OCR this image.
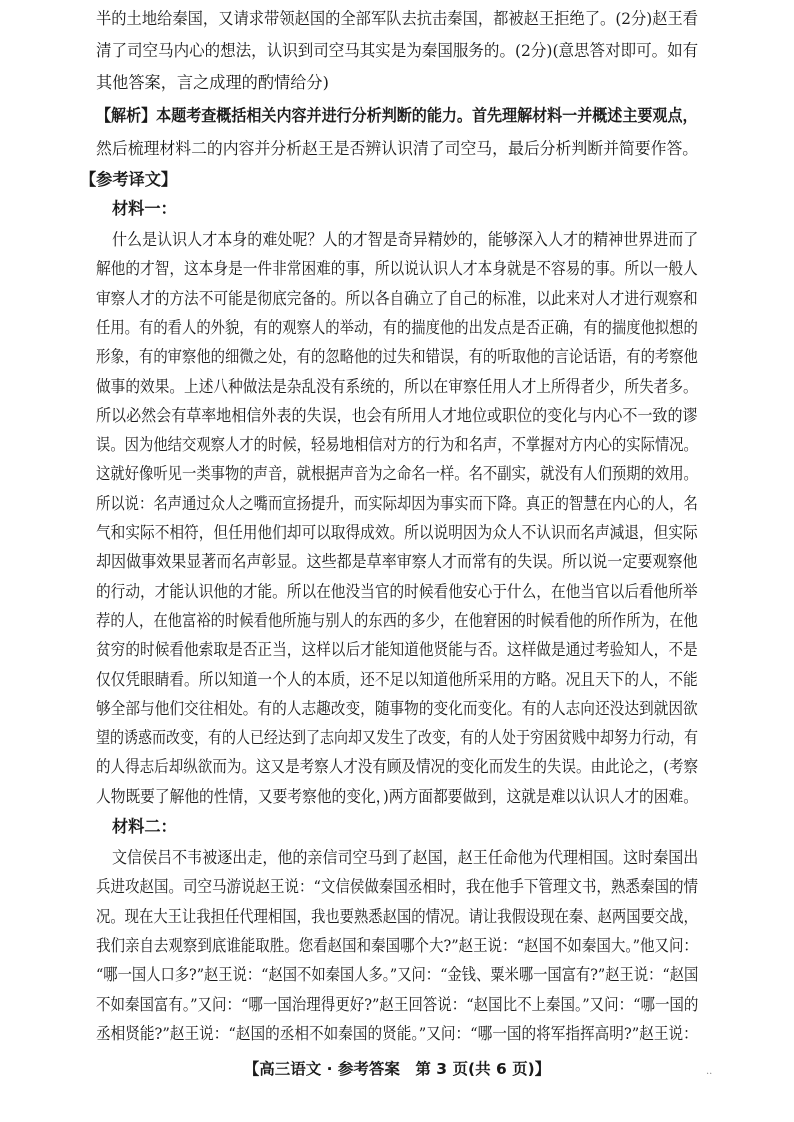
半的土地给秦国，又请求带领赵国的全部军队去抗击秦国，都被赵王拒绝了。(2分)赵王看
清了司空马内心的想法，认识到司空马其实是为秦国服务的。(2分)(意思答对即可。如有
其他答案，言之成理的酌情给分)
【解析】本题考查概括相关内容并进行分析判断的能力。首先理解材料一并概述主要观点，
然后梳理材料二的内容并分析赵王是否辨认识清了司空马，最后分析判断并简要作答。
【参考译文】
材料一：
什么是认识人才本身的难处呢？人的才智是奇异精妙的，能够深入人才的精神世界进而了
解他的才智，这本身是一件非常困难的事，所以说认识人才本身就是不容易的事。所以一般人
审察人才的方法不可能是彻底完备的。所以各自确立了自己的标准，以此来对人才进行观察和
任用。有的看人的外貌，有的观察人的举动，有的揣度他的出发点是否正确，有的揣度他拟想的
形象，有的审察他的细微之处，有的忽略他的过失和错误，有的听取他的言论话语，有的考察他
做事的效果。上述八种做法是杂乱没有系统的，所以在审察任用人才上所得者少，所失者多。
所以必然会有草率地相信外表的失误，也会有所用人才地位或职位的变化与内心不一致的谬
误。因为他结交观察人才的时候，轻易地相信对方的行为和名声，不掌握对方内心的实际情况。
这就好像听见一类事物的声音，就根据声音为之命名一样。名不副实，就没有人们预期的效用。
所以说：名声通过众人之嘴而宣扬提升，而实际却因为事实而下降。真正的智慧在内心的人，名
气和实际不相符，但任用他们却可以取得成效。所以说明因为众人不认识而名声減退，但实际
却因做事效果显著而名声彰显。这些都是草率审察人才而常有的失误。所以说一定要观察他
的行动，才能认识他的才能。所以在他没当官的时候看他安心于什么，在他当官以后看他所举
荐的人，在他富裕的时候看他所施与别人的东西的多少，在他窘困的时候看他的所作所为，在他
贫穷的时候看他索取是否正当，这样以后才能知道他贤能与否。这样做是通过考验知人，不是
仅仅凭眼睛看。所以知道一个人的本质，还不足以知道他所采用的方略。况且天下的人，不能
够全部与他们交往相处。有的人志趣改变，随事物的变化而变化。有的人志向还没达到就因欲
望的诱惑而改变，有的人已经达到了志向却又发生了改变，有的人处于穷困贫贱中却努力行动，有
的人得志后却纵欲而为。这又是考察人才没有顾及情况的变化而发生的失误。由此论之，(考察
人物既要了解他的性情，又要考察他的变化，)两方面都要做到，这就是难以认识人才的困难。
材料二：
文信侯吕不韦被逐出走，他的亲信司空马到了赵国，赵王任命他为代理相国。这时秦国出
兵进攻赵国。司空马游说赵王说：“文信侯做秦国丞相时，我在他手下管理文书，熟悉秦国的情
况。现在大王让我担任代理相国，我也要熟悉赵国的情况。请让我假设现在秦、赵两国要交战，
我们亲自去观察到底谁能取胜。您看赵国和秦国哪个大?”赵王说：“赵国不如秦国大。”他又问：
“哪一国人口多?”赵王说：“赵国不如秦国人多。”又问：“金钱、粟米哪一国富有?”赵王说：“赵国
不如秦国富有。”又问：“哪一国治理得更好?”赵王回答说：“赵国比不上秦国。”又问：“哪一国的
丞相贤能?”赵王说：“赵国的丞相不如秦国的贤能。”又问：“哪一国的将军指挥高明?”赵王说：
【高三语文 · 参考答案　第 3 页(共 6 页)】	..
